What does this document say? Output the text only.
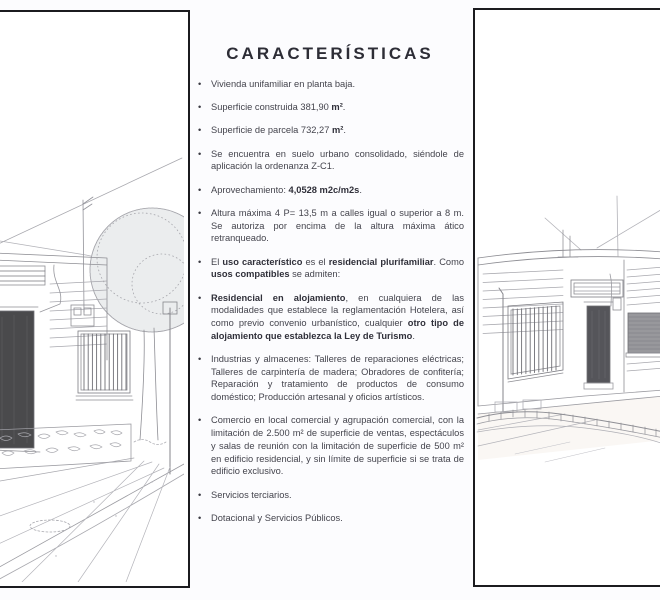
CARACTERÍSTICAS
• Vivienda unifamiliar en planta baja.
• Superficie construida 381,90 m².
• Superficie de parcela 732,27 m².
• Se encuentra en suelo urbano consolidado, siéndole de aplicación la ordenanza Z-C1.
• Aprovechamiento: 4,0528 m2c/m2s.
• Altura máxima 4 P= 13,5 m a calles igual o superior a 8 m. Se autoriza por encima de la altura máxima ático retranqueado.
• El uso característico es el residencial plurifamiliar. Como usos compatibles se admiten:
• Residencial en alojamiento, en cualquiera de las modalidades que establece la reglamentación Hotelera, así como previo convenio urbanístico, cualquier otro tipo de alojamiento que establezca la Ley de Turismo.
• Industrias y almacenes: Talleres de reparaciones eléctricas; Talleres de carpintería de madera; Obradores de confitería; Reparación y tratamiento de productos de consumo doméstico; Producción artesanal y oficios artísticos.
• Comercio en local comercial y agrupación comercial, con la limitación de 2.500 m² de superficie de ventas, espectáculos y salas de reunión con la limitación de superficie de 500 m² en edificio residencial, y sin límite de superficie si se trata de edificio exclusivo.
• Servicios terciarios.
• Dotacional y Servicios Públicos.
